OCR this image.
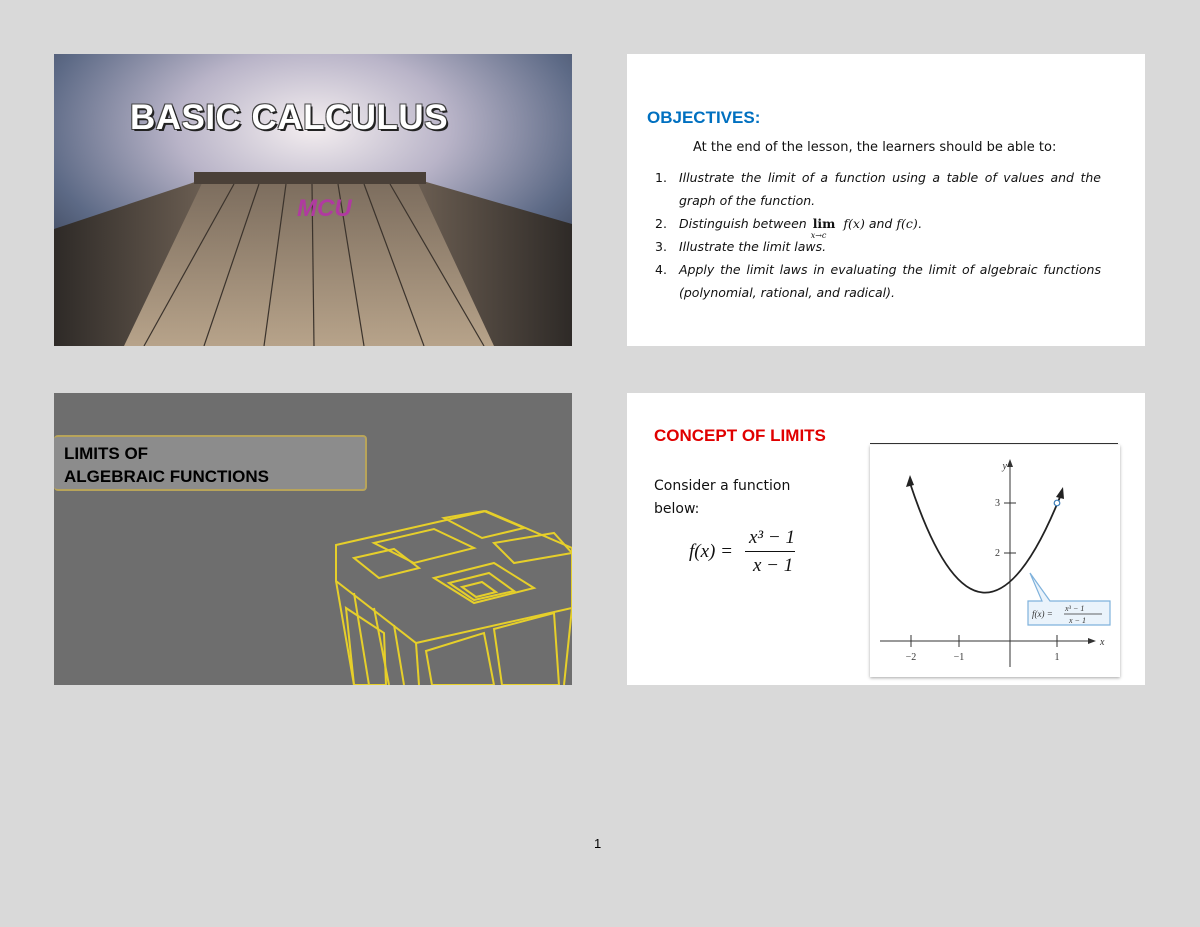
MCU
BASIC CALCULUS	OBJECTIVES:
At the end of the lesson, the learners should be able to:
1. Illustrate the limit of a function using a table of values and the graph of the function.
2. Distinguish between lim
x→c
f(x) and f(c).
3. Illustrate the limit laws.
4. Apply the limit laws in evaluating the limit of algebraic functions (polynomial, rational, and radical).
LIMITS OF
ALGEBRAIC FUNCTIONS
CONCEPT OF LIMITS
Consider a function below:
f(x) =
x³ − 1
x − 1
−2	−1	1
2
3
x
y
f(x) =
x³ − 1
x − 1
1
